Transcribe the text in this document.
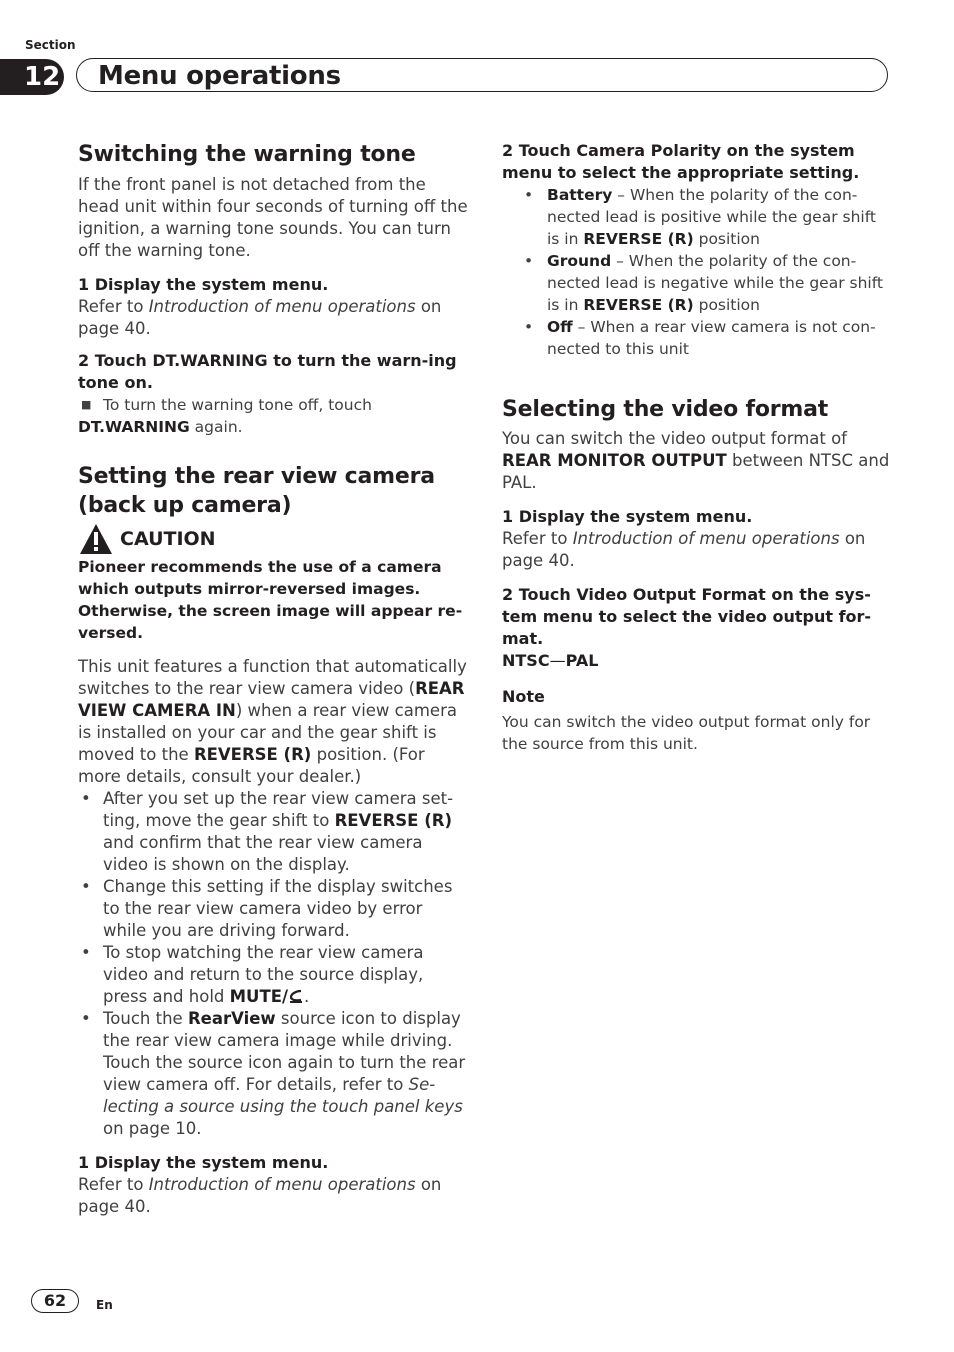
Section
12 Menu operations
Switching the warning tone

If the front panel is not detached from the head unit within four seconds of turning off the ignition, a warning tone sounds. You can turn off the warning tone.

1 Display the system menu.

Refer to Introduction of menu operations on page 40.

2 Touch DT.WARNING to turn the warn-ing tone on.

■ To turn the warning tone off, touch

DT.WARNING again.

Setting the rear view camera (back up camera)
CAUTION

Pioneer recommends the use of a camera which outputs mirror-reversed images. Otherwise, the screen image will appear re-versed.

This unit features a function that automatically switches to the rear view camera video (REAR VIEW CAMERA IN) when a rear view camera is installed on your car and the gear shift is moved to the REVERSE (R) position. (For more details, consult your dealer.)

• After you set up the rear view camera set-ting, move the gear shift to REVERSE (R) and confirm that the rear view camera video is shown on the display.
• Change this setting if the display switches to the rear view camera video by error while you are driving forward.
• To stop watching the rear view camera video and return to the source display, press and hold MUTE/ .
• Touch the RearView source icon to display the rear view camera image while driving. Touch the source icon again to turn the rear view camera off. For details, refer to Se-lecting a source using the touch panel keys on page 10.

1 Display the system menu.

Refer to Introduction of menu operations on page 40.

2 Touch Camera Polarity on the system menu to select the appropriate setting.

• Battery – When the polarity of the con-nected lead is positive while the gear shift is in REVERSE (R) position
• Ground – When the polarity of the con-nected lead is negative while the gear shift is in REVERSE (R) position
• Off – When a rear view camera is not con-nected to this unit
Selecting the video format

You can switch the video output format of REAR MONITOR OUTPUT between NTSC and PAL.

1 Display the system menu.

Refer to Introduction of menu operations on page 40.

2 Touch Video Output Format on the sys-tem menu to select the video output for-mat.

NTSC—PAL

Note

You can switch the video output format only for the source from this unit.

62	En
